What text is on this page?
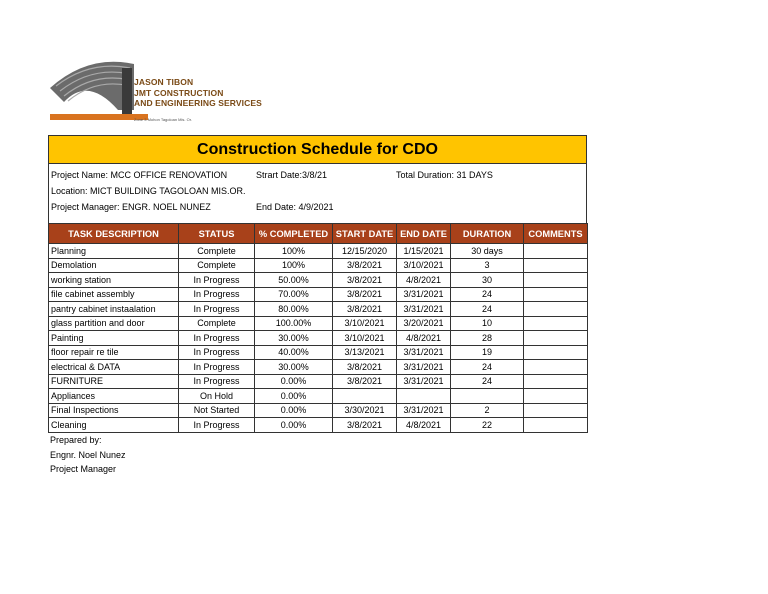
JASON TIBON
JMT CONSTRUCTION
AND ENGINEERING SERVICES
Zone 3 Mohon Tagoloan Mis. Or.
Construction Schedule for CDO
Project Name: MCC OFFICE RENOVATION	Strart Date:3/8/21	Total Duration: 31 DAYS
Location: MICT BUILDING TAGOLOAN MIS.OR.
Project Manager: ENGR. NOEL NUNEZ	End Date: 4/9/2021
TASK DESCRIPTION	STATUS	% COMPLETED	START DATE	END DATE	DURATION	COMMENTS
Planning	Complete	100%	12/15/2020	1/15/2021	30 days	
Demolation	Complete	100%	3/8/2021	3/10/2021	3	
working station	In Progress	50.00%	3/8/2021	4/8/2021	30	
file cabinet assembly	In Progress	70.00%	3/8/2021	3/31/2021	24	
pantry cabinet instaalation	In Progress	80.00%	3/8/2021	3/31/2021	24	
glass partition and door	Complete	100.00%	3/10/2021	3/20/2021	10	
Painting	In Progress	30.00%	3/10/2021	4/8/2021	28	
floor repair re tile	In Progress	40.00%	3/13/2021	3/31/2021	19	
electrical & DATA	In Progress	30.00%	3/8/2021	3/31/2021	24	
FURNITURE	In Progress	0.00%	3/8/2021	3/31/2021	24	
Appliances	On Hold	0.00%				
Final Inspections	Not Started	0.00%	3/30/2021	3/31/2021	2	
Cleaning	In Progress	0.00%	3/8/2021	4/8/2021	22	
Prepared by:
Engnr. Noel Nunez
Project Manager
